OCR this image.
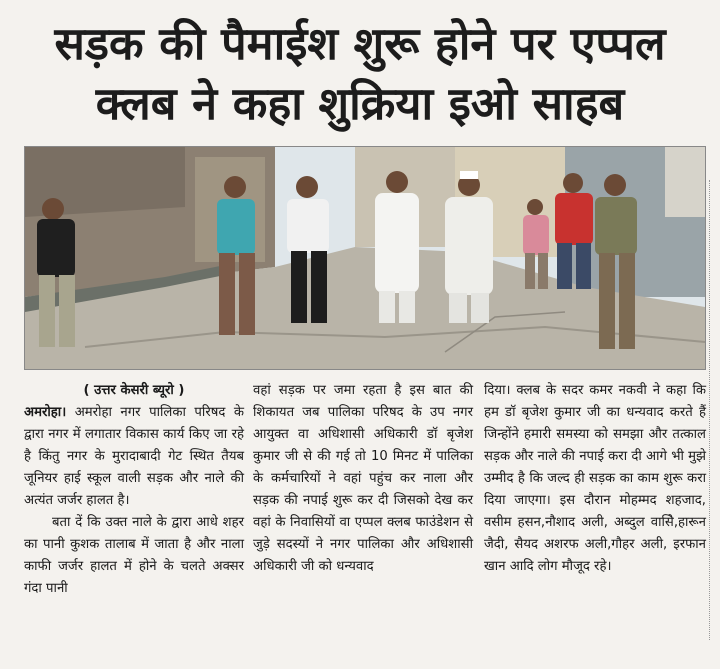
सड़क की पैमाईश शुरू होने पर एप्पल
क्लब ने कहा शुक्रिया इओ साहब

( उत्तर केसरी ब्यूरो )

अमरोहा। अमरोहा नगर पालिका परिषद के द्वारा नगर में लगातार विकास कार्य किए जा रहे है किंतु नगर के मुरादाबादी गेट स्थित तैयब जूनियर हाई स्कूल वाली सड़क और नाले की अत्यंत जर्जर हालत है।

बता दें कि उक्त नाले के द्वारा आधे शहर का पानी कुशक तालाब में जाता है और नाला काफी जर्जर हालत में होने के चलते अक्सर गंदा पानी

वहां सड़क पर जमा रहता है इस बात की शिकायत जब पालिका परिषद के उप नगर आयुक्त वा अधिशासी अधिकारी डॉ बृजेश कुमार जी से की गई तो 10 मिनट में पालिका के कर्मचारियों ने वहां पहुंच कर नाला और सड़क की नपाई शुरू कर दी जिसको देख कर वहां के निवासियों वा एप्पल क्लब फाउंडेशन से जुड़े सदस्यों ने नगर पालिका और अधिशासी अधिकारी जी को धन्यवाद

दिया। क्लब के सदर कमर नकवी ने कहा कि हम डॉ बृजेश कुमार जी का धन्यवाद करते हैं जिन्होंने हमारी समस्या को समझा और तत्काल सड़क और नाले की नपाई करा दी आगे भी मुझे उम्मीद है कि जल्द ही सड़क का काम शुरू करा दिया जाएगा। इस दौरान मोहम्मद शहजाद, वसीम हसन,नौशाद अली, अब्दुल वासिे,हारून जैदी, सैयद अशरफ अली,गौहर अली, इरफान खान आदि लोग मौजूद रहे।
